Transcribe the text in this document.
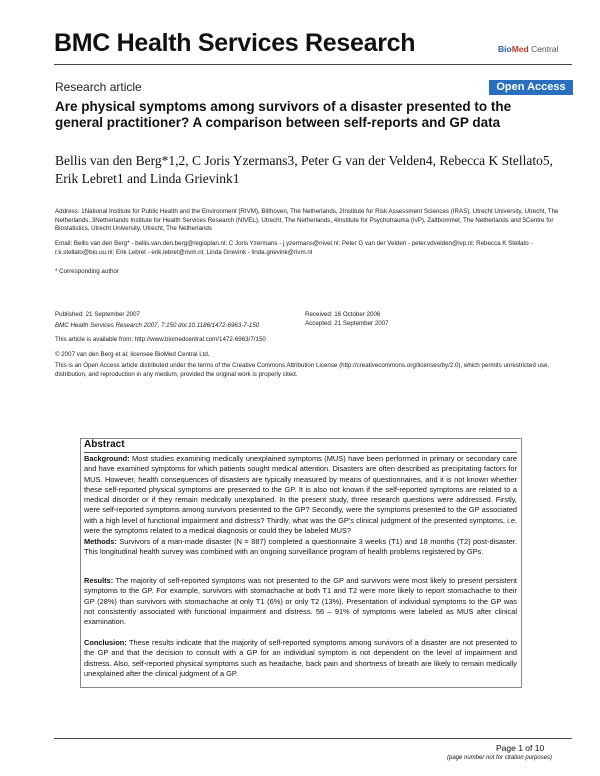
BMC Health Services Research	BioMed Central
Research article	Open Access
Are physical symptoms among survivors of a disaster presented to the general practitioner? A comparison between self-reports and GP data
Bellis van den Berg*1,2, C Joris Yzermans3, Peter G van der Velden4, Rebecca K Stellato5, Erik Lebret1 and Linda Grievink1
Address: 1National Institute for Public Health and the Environment (RIVM), Bilthoven, The Netherlands, 2Institute for Risk Assessment Sciences (IRAS), Utrecht University, Utrecht, The Netherlands, 3Netherlands Institute for Health Services Research (NIVEL), Utrecht, The Netherlands, 4Institute for Psychotrauma (IvP), Zaltbommel, The Netherlands and 5Centre for Biostatistics, Utrecht University, Utrecht, The Netherlands
Email: Bellis van den Berg* - bellis.van.den.berg@regioplan.nl; C Joris Yzermans - j.yzermans@nivel.nl; Peter G van der Velden - peter.vdvelden@ivp.nl; Rebecca K Stellato - r.k.stellato@bio.uu.nl; Erik Lebret - erik.lebret@rivm.nl; Linda Grievink - linda.grievink@rivm.nl
* Corresponding author
Published: 21 September 2007
BMC Health Services Research 2007, 7:150 doi:10.1186/1472-6963-7-150
This article is available from: http://www.biomedcentral.com/1472-6963/7/150
Received: 16 October 2006
Accepted: 21 September 2007
© 2007 van den Berg et al; licensee BioMed Central Ltd.
This is an Open Access article distributed under the terms of the Creative Commons Attribution License (http://creativecommons.org/licenses/by/2.0), which permits unrestricted use, distribution, and reproduction in any medium, provided the original work is properly cited.
Abstract
Background: Most studies examining medically unexplained symptoms (MUS) have been performed in primary or secondary care and have examined symptoms for which patients sought medical attention. Disasters are often described as precipitating factors for MUS. However, health consequences of disasters are typically measured by means of questionnaires, and it is not known whether these self-reported physical symptoms are presented to the GP. It is also not known if the self-reported symptoms are related to a medical disorder or if they remain medically unexplained. In the present study, three research questions were addressed. Firstly, were self-reported symptoms among survivors presented to the GP? Secondly, were the symptoms presented to the GP associated with a high level of functional impairment and distress? Thirdly, what was the GP's clinical judgment of the presented symptoms, i.e. were the symptoms related to a medical diagnosis or could they be labeled MUS?
Methods: Survivors of a man-made disaster (N = 887) completed a questionnaire 3 weeks (T1) and 18 months (T2) post-disaster. This longitudinal health survey was combined with an ongoing surveillance program of health problems registered by GPs.
Results: The majority of self-reported symptoms was not presented to the GP and survivors were most likely to present persistent symptoms to the GP. For example, survivors with stomachache at both T1 and T2 were more likely to report stomachache to their GP (28%) than survivors with stomachache at only T1 (6%) or only T2 (13%). Presentation of individual symptoms to the GP was not consistently associated with functional impairment and distress. 56 – 91% of symptoms were labeled as MUS after clinical examination.
Conclusion: These results indicate that the majority of self-reported symptoms among survivors of a disaster are not presented to the GP and that the decision to consult with a GP for an individual symptom is not dependent on the level of impairment and distress. Also, self-reported physical symptoms such as headache, back pain and shortness of breath are likely to remain medically unexplained after the clinical judgment of a GP.
Page 1 of 10
(page number not for citation purposes)
